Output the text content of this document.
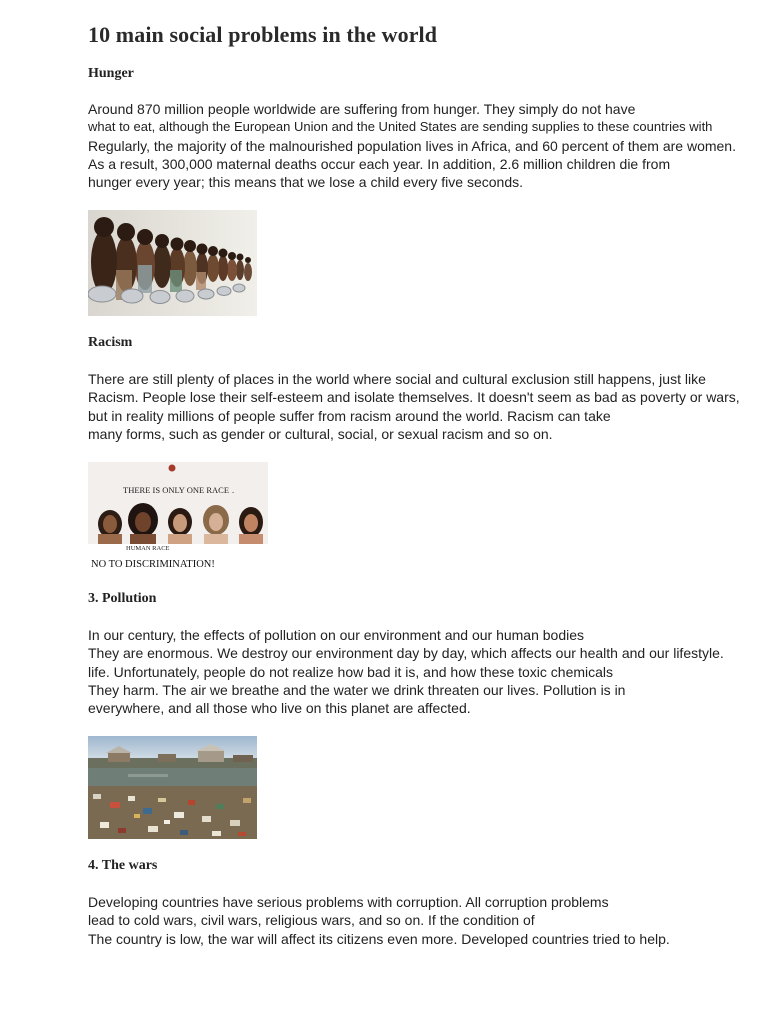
10 main social problems in the world
Hunger
Around 870 million people worldwide are suffering from hunger. They simply do not have
what to eat, although the European Union and the United States are sending supplies to these countries with
Regularly, the majority of the malnourished population lives in Africa, and 60 percent of them are women.
As a result, 300,000 maternal deaths occur each year. In addition, 2.6 million children die from
hunger every year; this means that we lose a child every five seconds.
Racism
There are still plenty of places in the world where social and cultural exclusion still happens, just like
Racism. People lose their self-esteem and isolate themselves. It doesn't seem as bad as poverty or wars,
but in reality millions of people suffer from racism around the world. Racism can take
many forms, such as gender or cultural, social, or sexual racism and so on.
THERE IS ONLY ONE RACE .
HUMAN RACE
NO TO DISCRIMINATION!
3. Pollution
In our century, the effects of pollution on our environment and our human bodies
They are enormous. We destroy our environment day by day, which affects our health and our lifestyle.
life. Unfortunately, people do not realize how bad it is, and how these toxic chemicals
They harm. The air we breathe and the water we drink threaten our lives. Pollution is in
everywhere, and all those who live on this planet are affected.
4. The wars
Developing countries have serious problems with corruption. All corruption problems
lead to cold wars, civil wars, religious wars, and so on. If the condition of
The country is low, the war will affect its citizens even more. Developed countries tried to help.
